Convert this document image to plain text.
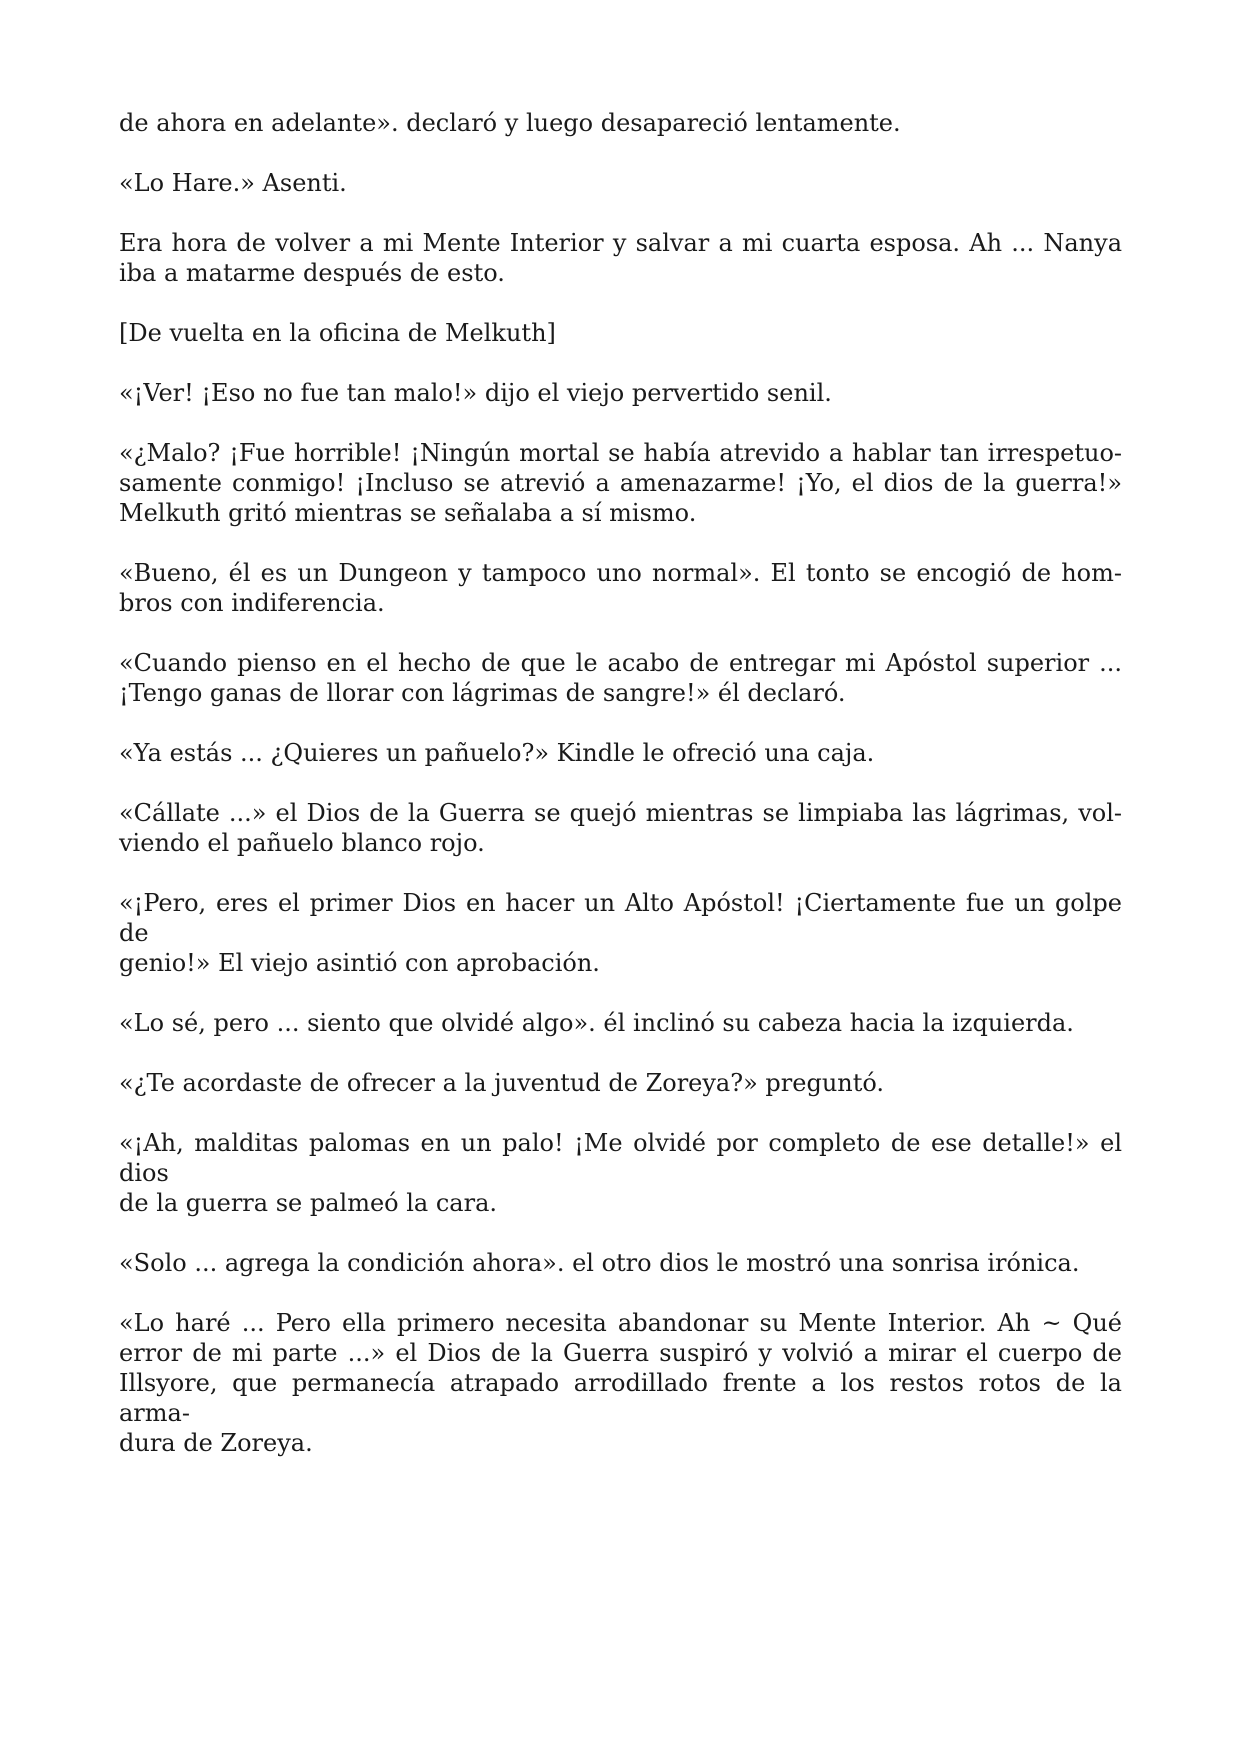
de ahora en adelante». declaró y luego desapareció lentamente.

«Lo Hare.» Asenti.

Era hora de volver a mi Mente Interior y salvar a mi cuarta esposa. Ah ... Nanya
iba a matarme después de esto.

[De vuelta en la oficina de Melkuth]

«¡Ver! ¡Eso no fue tan malo!» dijo el viejo pervertido senil.

«¿Malo? ¡Fue horrible! ¡Ningún mortal se había atrevido a hablar tan irrespetuo-
samente conmigo! ¡Incluso se atrevió a amenazarme! ¡Yo, el dios de la guerra!»
Melkuth gritó mientras se señalaba a sí mismo.

«Bueno, él es un Dungeon y tampoco uno normal». El tonto se encogió de hom-
bros con indiferencia.

«Cuando pienso en el hecho de que le acabo de entregar mi Apóstol superior ...
¡Tengo ganas de llorar con lágrimas de sangre!» él declaró.

«Ya estás ... ¿Quieres un pañuelo?» Kindle le ofreció una caja.

«Cállate ...» el Dios de la Guerra se quejó mientras se limpiaba las lágrimas, vol-
viendo el pañuelo blanco rojo.

«¡Pero, eres el primer Dios en hacer un Alto Apóstol! ¡Ciertamente fue un golpe de
genio!» El viejo asintió con aprobación.

«Lo sé, pero ... siento que olvidé algo». él inclinó su cabeza hacia la izquierda.

«¿Te acordaste de ofrecer a la juventud de Zoreya?» preguntó.

«¡Ah, malditas palomas en un palo! ¡Me olvidé por completo de ese detalle!» el dios
de la guerra se palmeó la cara.

«Solo ... agrega la condición ahora». el otro dios le mostró una sonrisa irónica.

«Lo haré ... Pero ella primero necesita abandonar su Mente Interior. Ah ~ Qué
error de mi parte ...» el Dios de la Guerra suspiró y volvió a mirar el cuerpo de
Illsyore, que permanecía atrapado arrodillado frente a los restos rotos de la arma-
dura de Zoreya.
